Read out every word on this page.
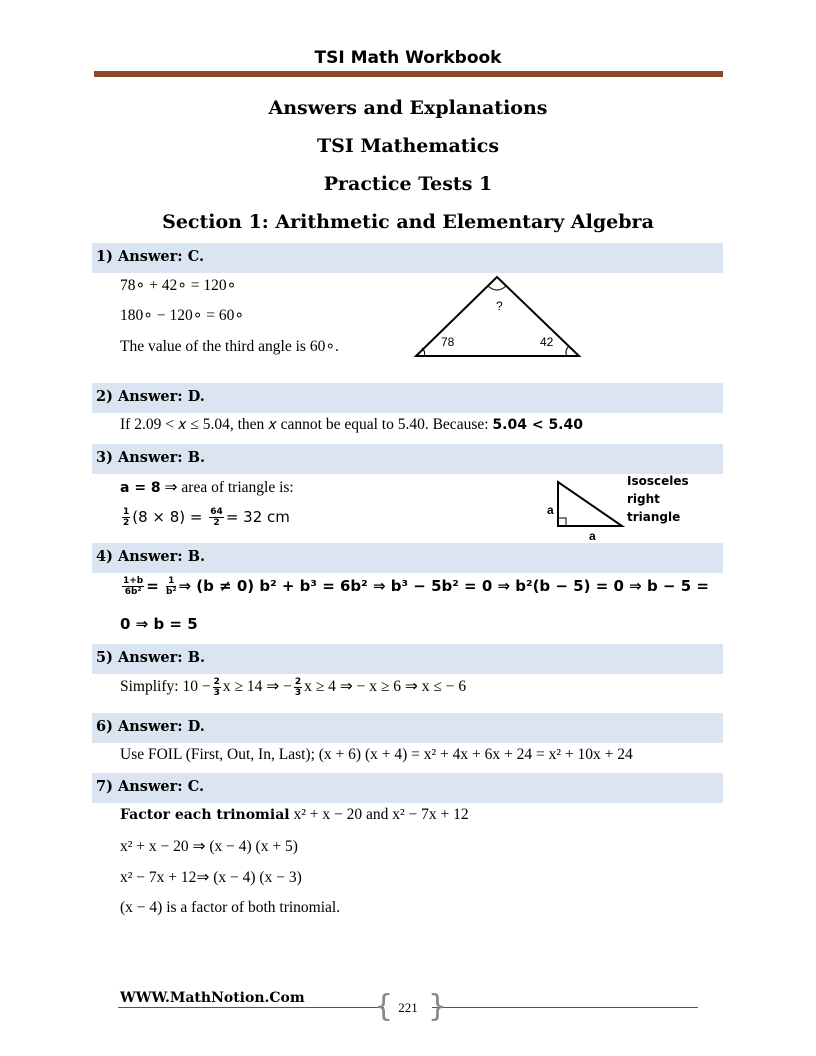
TSI Math Workbook
Answers and Explanations
TSI Mathematics
Practice Tests 1
Section 1: Arithmetic and Elementary Algebra
1) Answer: C.
78∘ + 42∘ = 120∘
180∘ − 120∘ = 60∘
The value of the third angle is 60∘.
?
78	42
2) Answer: D.
If 2.09 < 𝑥 ≤ 5.04, then 𝑥 cannot be equal to 5.40. Because: 5.04 < 5.40
3) Answer: B.
a = 8 ⇒ area of triangle is:
$\frac{1}{2} (8 \times 8) = \frac{64}{2} = 32$ cm	a
a
Isosceles
right
triangle
4) Answer: B.
$\frac{1+b}{\text{6b²}} = \frac{1}{\text{b²}}$ ⇒ (b ≠ 0) b² + b³ = 6b² ⇒ b³ − 5b² = 0 ⇒ b²(b − 5) = 0 ⇒ b − 5 =
0 ⇒ b = 5
5) Answer: B.
Simplify: $10 - \frac{2}{3}$ x ≥ 14 ⇒ − $\frac{2}{3}$ x ≥ 4 ⇒ − x ≥ 6 ⇒ x ≤ − 6
6) Answer: D.
Use FOIL (First, Out, In, Last); (x + 6) (x + 4) = x² + 4x + 6x + 24 = x² + 10x + 24
7) Answer: C.
Factor each trinomial x² + x − 20 and x² − 7x + 12
x² + x − 20 ⇒ (x − 4) (x + 5)
x² − 7x + 12⇒ (x − 4) (x − 3)
(x − 4) is a factor of both trinomial.
WWW.MathNotion.Com
221
{ }
